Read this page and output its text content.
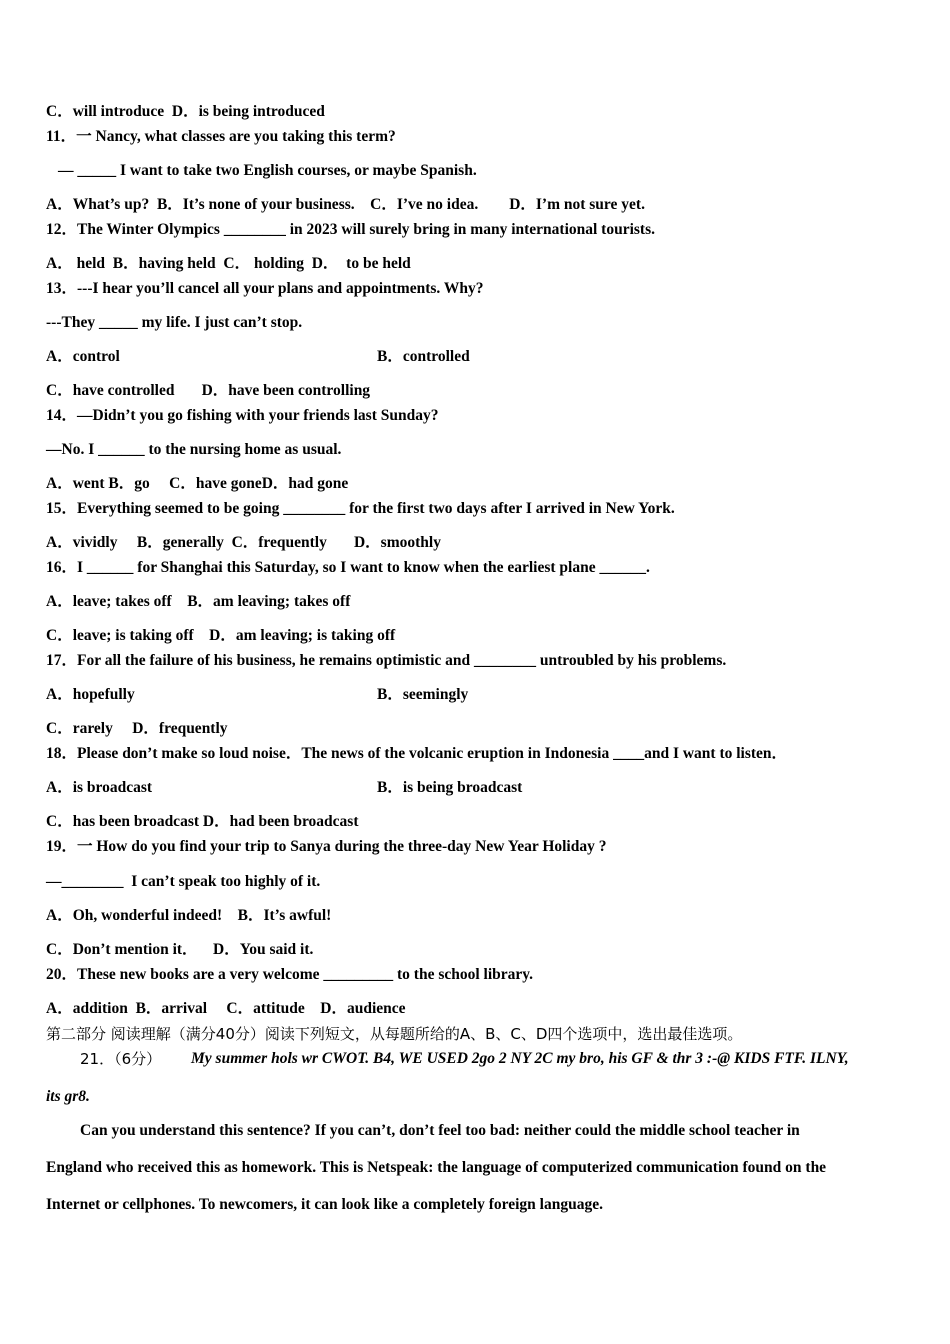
C．will introduce  D．is being introduced
11．一 Nancy, what classes are you taking this term?
— _____ I want to take two English courses, or maybe Spanish.
A．What’s up?  B．It’s none of your business.    C．I’ve no idea.        D．I’m not sure yet.
12．The Winter Olympics ________ in 2023 will surely bring in many international tourists.
A． held  B．having held  C． holding  D．  to be held
13．---I hear you’ll cancel all your plans and appointments. Why?
---They _____ my life. I just can’t stop.
A．control	B．controlled
C．have controlled       D．have been controlling
14．—Didn’t you go fishing with your friends last Sunday?
—No. I ______ to the nursing home as usual.
A．went B．go     C．have goneD．had gone
15．Everything seemed to be going ________ for the first two days after I arrived in New York.
A．vividly     B．generally  C．frequently       D．smoothly
16．I ______ for Shanghai this Saturday, so I want to know when the earliest plane ______.
A．leave; takes off    B．am leaving; takes off
C．leave; is taking off    D．am leaving; is taking off
17．For all the failure of his business, he remains optimistic and ________ untroubled by his problems.
A．hopefully	B．seemingly
C．rarely     D．frequently
18．Please don’t make so loud noise．The news of the volcanic eruption in Indonesia ____and I want to listen．
A．is broadcast	B．is being broadcast
C．has been broadcast D．had been broadcast
19．一 How do you find your trip to Sanya during the three-day New Year Holiday ?
—________  I can’t speak too highly of it.
A．Oh, wonderful indeed!    B．It’s awful!
C．Don’t mention it．    D．You said it.
20．These new books are a very welcome _________ to the school library.
A．addition  B．arrival     C．attitude    D．audience
第二部分 阅读理解（满分40分）阅读下列短文，从每题所给的A、B、C、D四个选项中，选出最佳选项。
21．（6分） My summer hols wr CWOT. B4, WE USED 2go 2 NY 2C my bro, his GF & thr 3 :-@ KIDS FTF. ILNY,
its gr8.
Can you understand this sentence? If you can’t, don’t feel too bad: neither could the middle school teacher in
England who received this as homework. This is Netspeak: the language of computerized communication found on the
Internet or cellphones. To newcomers, it can look like a completely foreign language.
